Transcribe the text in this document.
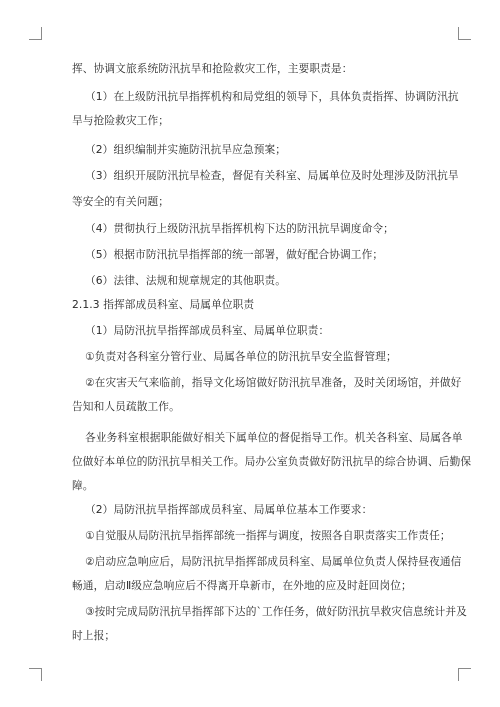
挥、协调文旅系统防汛抗旱和抢险救灾工作，主要职责是：
（1）在上级防汛抗旱指挥机构和局党组的领导下，具体负责指挥、协调防汛抗
旱与抢险救灾工作；
（2）组织编制并实施防汛抗旱应急预案；
（3）组织开展防汛抗旱检查，督促有关科室、局属单位及时处理涉及防汛抗旱
等安全的有关问题；
（4）贯彻执行上级防汛抗旱指挥机构下达的防汛抗旱调度命令；
（5）根据市防汛抗旱指挥部的统一部署，做好配合协调工作；
（6）法律、法规和规章规定的其他职责。
2.1.3 指挥部成员科室、局属单位职责
（1）局防汛抗旱指挥部成员科室、局属单位职责：
①负责对各科室分管行业、局属各单位的防汛抗旱安全监督管理；
②在灾害天气来临前，指导文化场馆做好防汛抗旱准备，及时关闭场馆，并做好
告知和人员疏散工作。
各业务科室根据职能做好相关下属单位的督促指导工作。机关各科室、局属各单
位做好本单位的防汛抗旱相关工作。局办公室负责做好防汛抗旱的综合协调、后勤保
障。
（2）局防汛抗旱指挥部成员科室、局属单位基本工作要求：
①自觉服从局防汛抗旱指挥部统一指挥与调度，按照各自职责落实工作责任；
②启动应急响应后，局防汛抗旱指挥部成员科室、局属单位负责人保持昼夜通信
畅通，启动Ⅱ级应急响应后不得离开阜新市，在外地的应及时赶回岗位；
③按时完成局防汛抗旱指挥部下达的`工作任务，做好防汛抗旱救灾信息统计并及
时上报；
